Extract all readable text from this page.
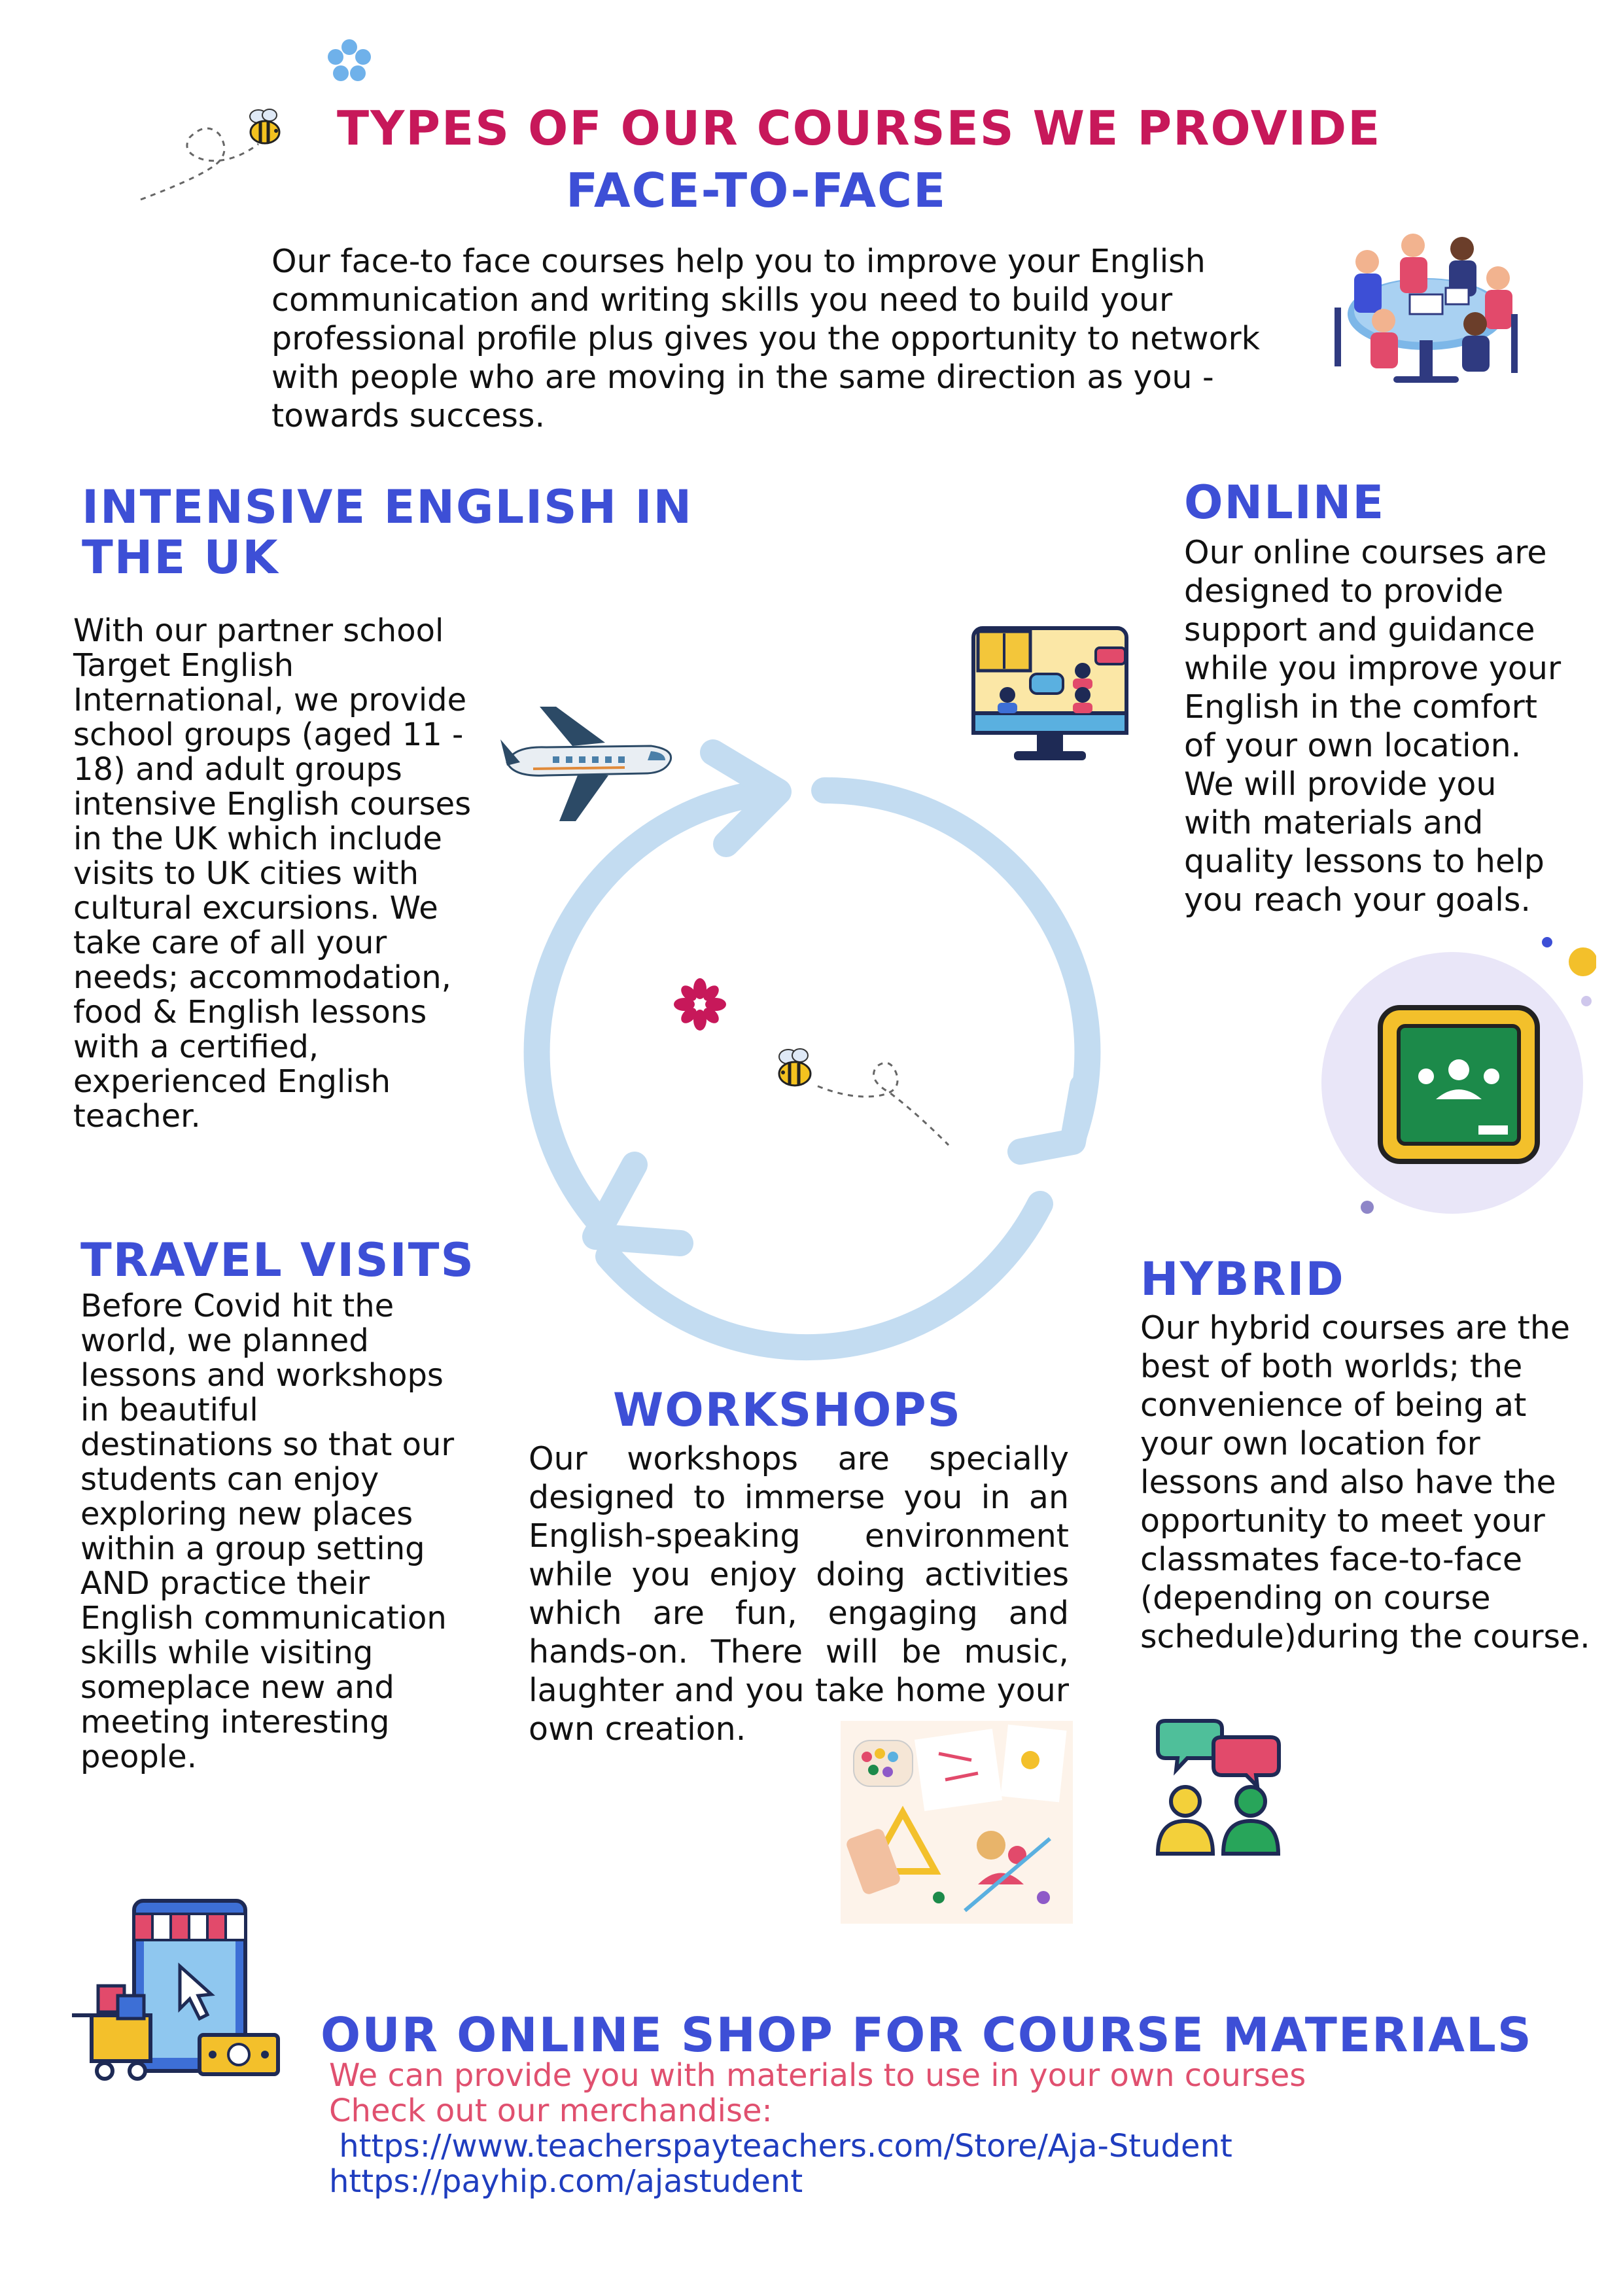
TYPES OF OUR COURSES WE PROVIDE
FACE-TO-FACE
Our face-to face courses help you to improve your English communication and writing skills you need to build your professional profile plus gives you the opportunity to network with people who are moving in the same direction as you - towards success.
INTENSIVE ENGLISH IN
THE UK
With our partner school Target English International, we provide school groups (aged 11 - 18) and adult groups intensive English courses in the UK which include visits to UK cities with cultural excursions. We take care of all your needs; accommodation, food & English lessons with a certified, experienced English teacher.
ONLINE
Our online courses are designed to provide support and guidance while you improve your English in the comfort of your own location. We will provide you with materials and quality lessons to help you reach your goals.
TRAVEL VISITS
Before Covid hit the world, we planned lessons and workshops in beautiful destinations so that our students can enjoy exploring new places within a group setting AND practice their English communication skills while visiting someplace new and meeting interesting people.
WORKSHOPS
Our workshops are specially designed to immerse you in an English-speaking environment while you enjoy doing activities which are fun, engaging and hands-on. There will be music, laughter and you take home your own creation.
HYBRID
Our hybrid courses are the best of both worlds; the convenience of being at your own location for lessons and also have the opportunity to meet your classmates face-to-face (depending on course schedule)during the course.
OUR ONLINE SHOP FOR COURSE MATERIALS
We can provide you with materials to use in your own courses
Check out our merchandise:
https://www.teacherspayteachers.com/Store/Aja-Student
https://payhip.com/ajastudent
